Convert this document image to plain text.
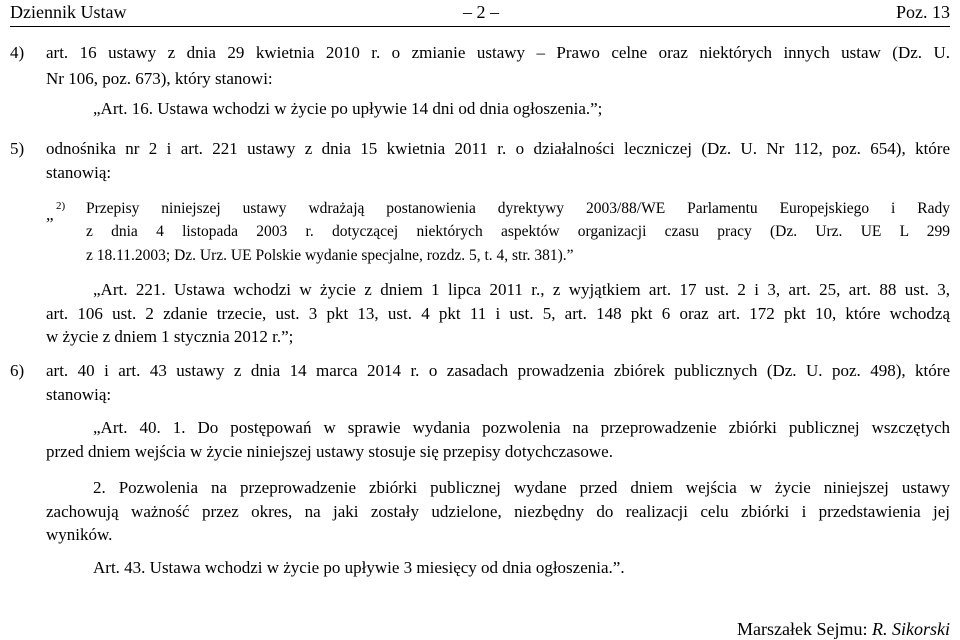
Dziennik Ustaw	– 2 –	Poz. 13
4) art. 16 ustawy z dnia 29 kwietnia 2010 r. o zmianie ustawy – Prawo celne oraz niektórych innych ustaw (Dz. U.
Nr 106, poz. 673), który stanowi:
„Art. 16. Ustawa wchodzi w życie po upływie 14 dni od dnia ogłoszenia.”;
5) odnośnika nr 2 i art. 221 ustawy z dnia 15 kwietnia 2011 r. o działalności leczniczej (Dz. U. Nr 112, poz. 654), które
stanowią:
„ 2) Przepisy niniejszej ustawy wdrażają postanowienia dyrektywy 2003/88/WE Parlamentu Europejskiego i Rady
z dnia 4 listopada 2003 r. dotyczącej niektórych aspektów organizacji czasu pracy (Dz. Urz. UE L 299
z 18.11.2003; Dz. Urz. UE Polskie wydanie specjalne, rozdz. 5, t. 4, str. 381).”
„Art. 221. Ustawa wchodzi w życie z dniem 1 lipca 2011 r., z wyjątkiem art. 17 ust. 2 i 3, art. 25, art. 88 ust. 3,
art. 106 ust. 2 zdanie trzecie, ust. 3 pkt 13, ust. 4 pkt 11 i ust. 5, art. 148 pkt 6 oraz art. 172 pkt 10, które wchodzą
w życie z dniem 1 stycznia 2012 r.”;
6) art. 40 i art. 43 ustawy z dnia 14 marca 2014 r. o zasadach prowadzenia zbiórek publicznych (Dz. U. poz. 498), które
stanowią:
„Art. 40. 1. Do postępowań w sprawie wydania pozwolenia na przeprowadzenie zbiórki publicznej wszczętych
przed dniem wejścia w życie niniejszej ustawy stosuje się przepisy dotychczasowe.
2. Pozwolenia na przeprowadzenie zbiórki publicznej wydane przed dniem wejścia w życie niniejszej ustawy
zachowują ważność przez okres, na jaki zostały udzielone, niezbędny do realizacji celu zbiórki i przedstawienia jej
wyników.
Art. 43. Ustawa wchodzi w życie po upływie 3 miesięcy od dnia ogłoszenia.”.
Marszałek Sejmu: R. Sikorski
